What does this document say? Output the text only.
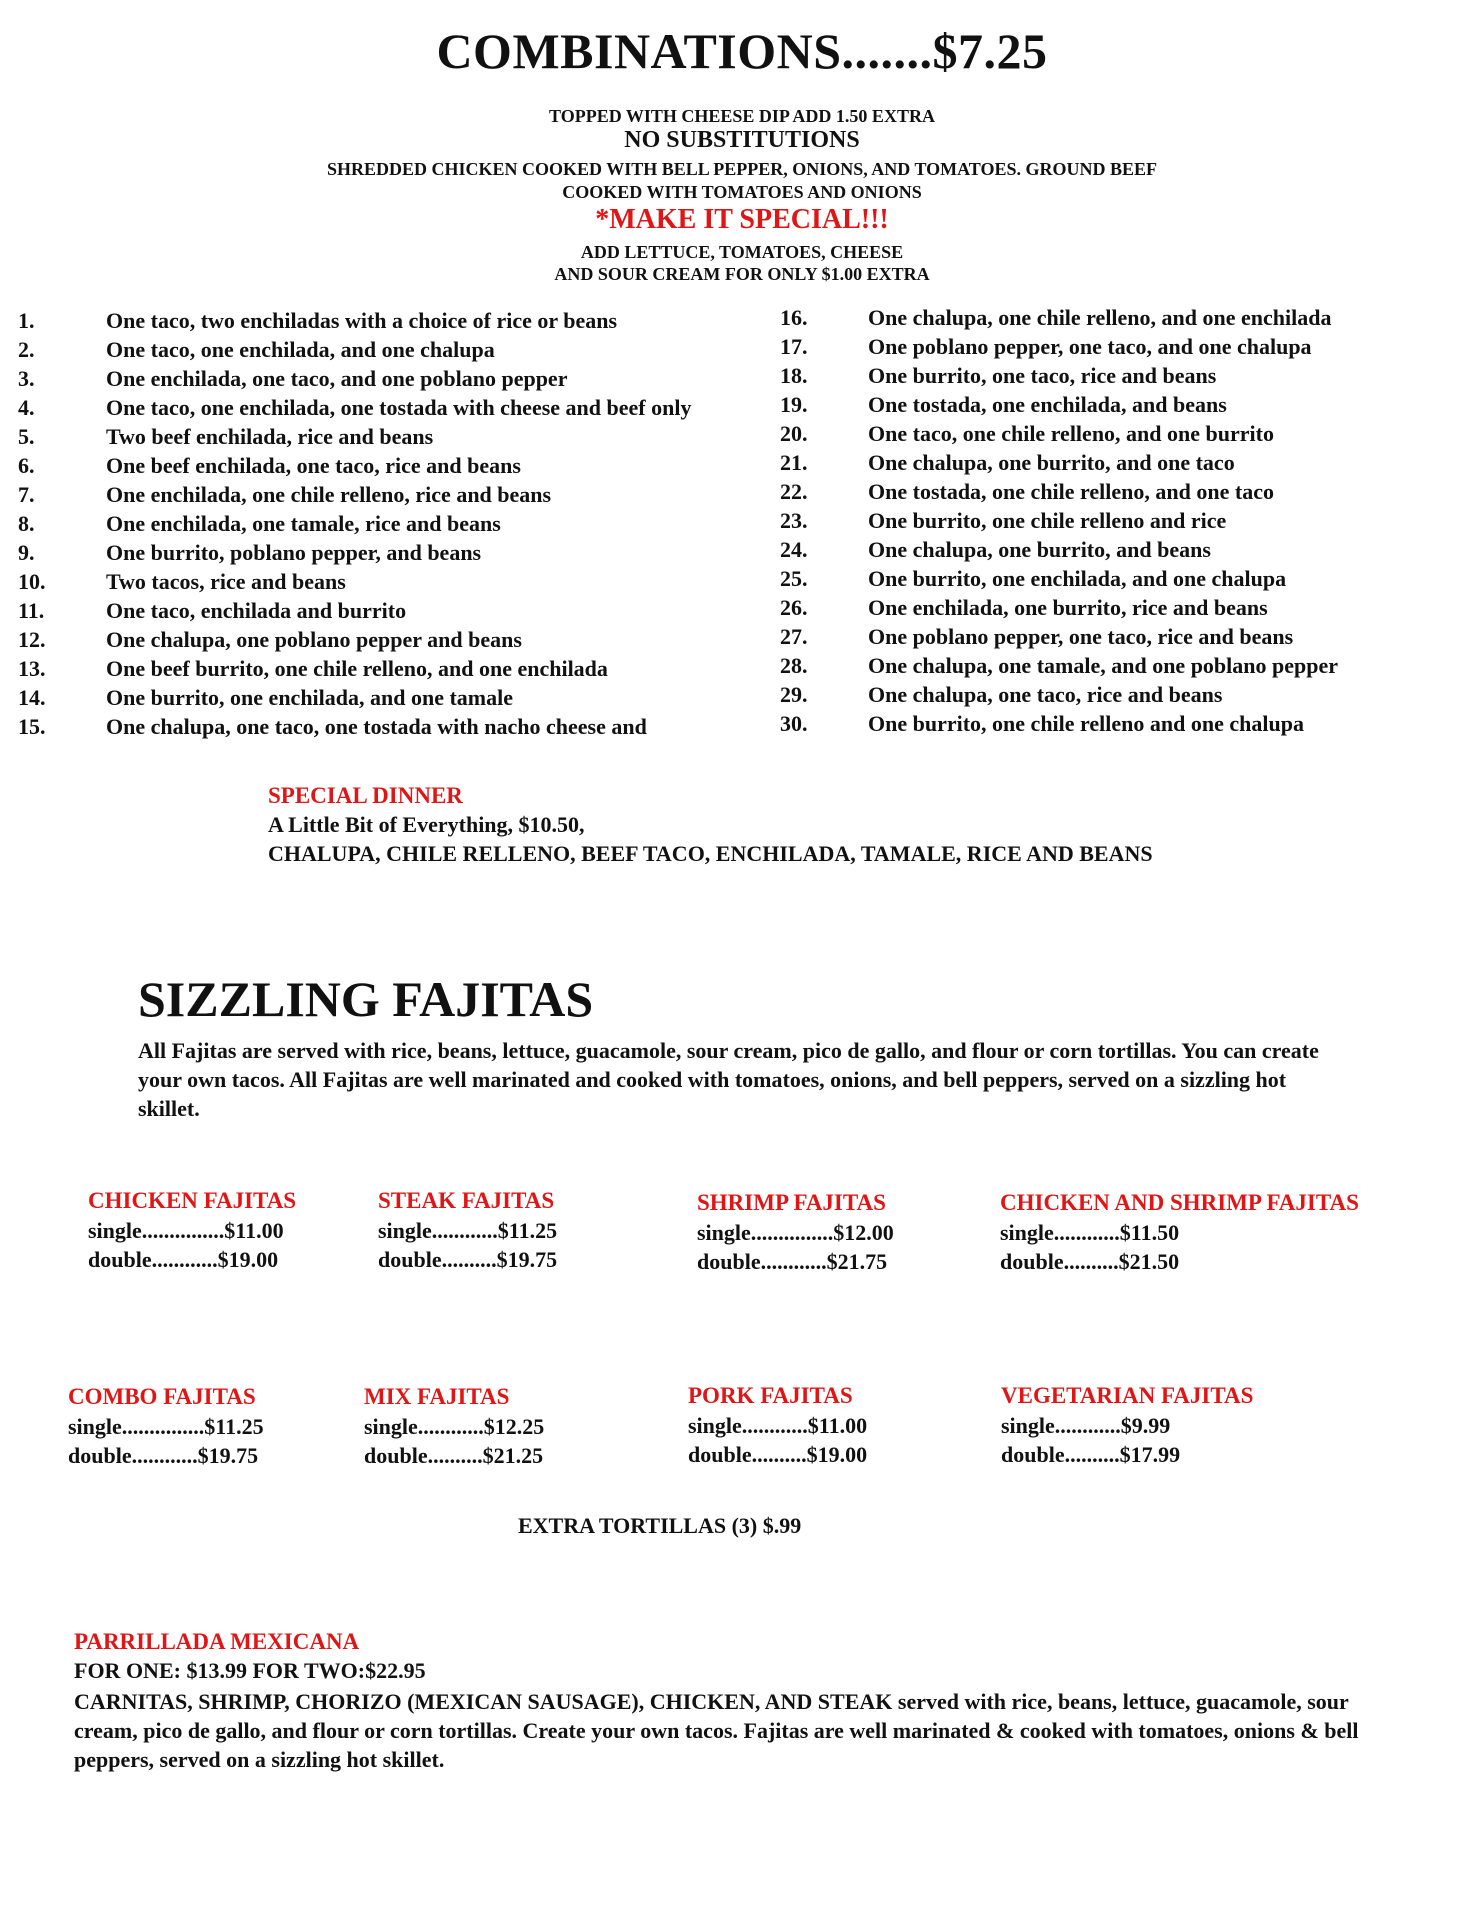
COMBINATIONS.......$7.25
TOPPED WITH CHEESE DIP ADD 1.50 EXTRA
NO SUBSTITUTIONS
SHREDDED CHICKEN COOKED WITH BELL PEPPER, ONIONS, AND TOMATOES. GROUND BEEF
COOKED WITH TOMATOES AND ONIONS
*MAKE IT SPECIAL!!!
ADD LETTUCE, TOMATOES, CHEESE
AND SOUR CREAM FOR ONLY $1.00 EXTRA
1.	One taco, two enchiladas with a choice of rice or beans
2.	One taco, one enchilada, and one chalupa
3.	One enchilada, one taco, and one poblano pepper
4.	One taco, one enchilada, one tostada with cheese and beef only
5.	Two beef enchilada, rice and beans
6.	One beef enchilada, one taco, rice and beans
7.	One enchilada, one chile relleno, rice and beans
8.	One enchilada, one tamale, rice and beans
9.	One burrito, poblano pepper, and beans
10.	Two tacos, rice and beans
11.	One taco, enchilada and burrito
12.	One chalupa, one poblano pepper and beans
13.	One beef burrito, one chile relleno, and one enchilada
14.	One burrito, one enchilada, and one tamale
15.	One chalupa, one taco, one tostada with nacho cheese and
16.	One chalupa, one chile relleno, and one enchilada
17.	One poblano pepper, one taco, and one chalupa
18.	One burrito, one taco, rice and beans
19.	One tostada, one enchilada, and beans
20.	One taco, one chile relleno, and one burrito
21.	One chalupa, one burrito, and one taco
22.	One tostada, one chile relleno, and one taco
23.	One burrito, one chile relleno and rice
24.	One chalupa, one burrito, and beans
25.	One burrito, one enchilada, and one chalupa
26.	One enchilada, one burrito, rice and beans
27.	One poblano pepper, one taco, rice and beans
28.	One chalupa, one tamale, and one poblano pepper
29.	One chalupa, one taco, rice and beans
30.	One burrito, one chile relleno and one chalupa
SPECIAL DINNER
A Little Bit of Everything, $10.50,
CHALUPA, CHILE RELLENO, BEEF TACO, ENCHILADA, TAMALE, RICE AND BEANS
SIZZLING FAJITAS
All Fajitas are served with rice, beans, lettuce, guacamole, sour cream, pico de gallo, and flour or corn tortillas. You can create your own tacos. All Fajitas are well marinated and cooked with tomatoes, onions, and bell peppers, served on a sizzling hot skillet.
CHICKEN FAJITAS
single...............$11.00
double............$19.00
STEAK FAJITAS
single............$11.25
double..........$19.75
SHRIMP FAJITAS
single...............$12.00
double............$21.75
CHICKEN AND SHRIMP FAJITAS
single............$11.50
double..........$21.50
COMBO FAJITAS
single...............$11.25
double............$19.75
MIX FAJITAS
single............$12.25
double..........$21.25
PORK FAJITAS
single............$11.00
double..........$19.00
VEGETARIAN FAJITAS
single............$9.99
double..........$17.99
EXTRA TORTILLAS (3) $.99
PARRILLADA MEXICANA
FOR ONE: $13.99 FOR TWO:$22.95
CARNITAS, SHRIMP, CHORIZO (MEXICAN SAUSAGE), CHICKEN, AND STEAK served with rice, beans, lettuce, guacamole, sour cream, pico de gallo, and flour or corn tortillas. Create your own tacos. Fajitas are well marinated & cooked with tomatoes, onions & bell peppers, served on a sizzling hot skillet.
